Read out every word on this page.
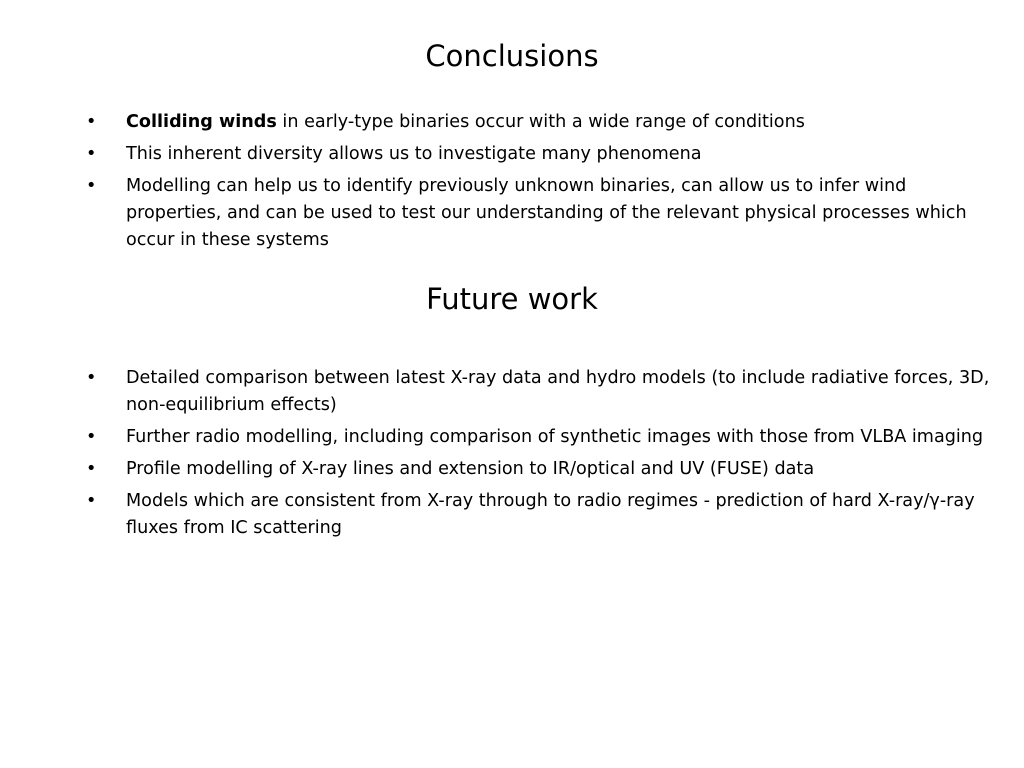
Conclusions
• Colliding winds in early-type binaries occur with a wide range of conditions
• This inherent diversity allows us to investigate many phenomena
• Modelling can help us to identify previously unknown binaries, can allow us to infer wind properties, and can be used to test our understanding of the relevant physical processes which occur in these systems
Future work
• Detailed comparison between latest X-ray data and hydro models (to include radiative forces, 3D, non-equilibrium effects)
• Further radio modelling, including comparison of synthetic images with those from VLBA imaging
• Profile modelling of X-ray lines and extension to IR/optical and UV (FUSE) data
• Models which are consistent from X-ray through to radio regimes - prediction of hard X-ray/γ-ray fluxes from IC scattering
